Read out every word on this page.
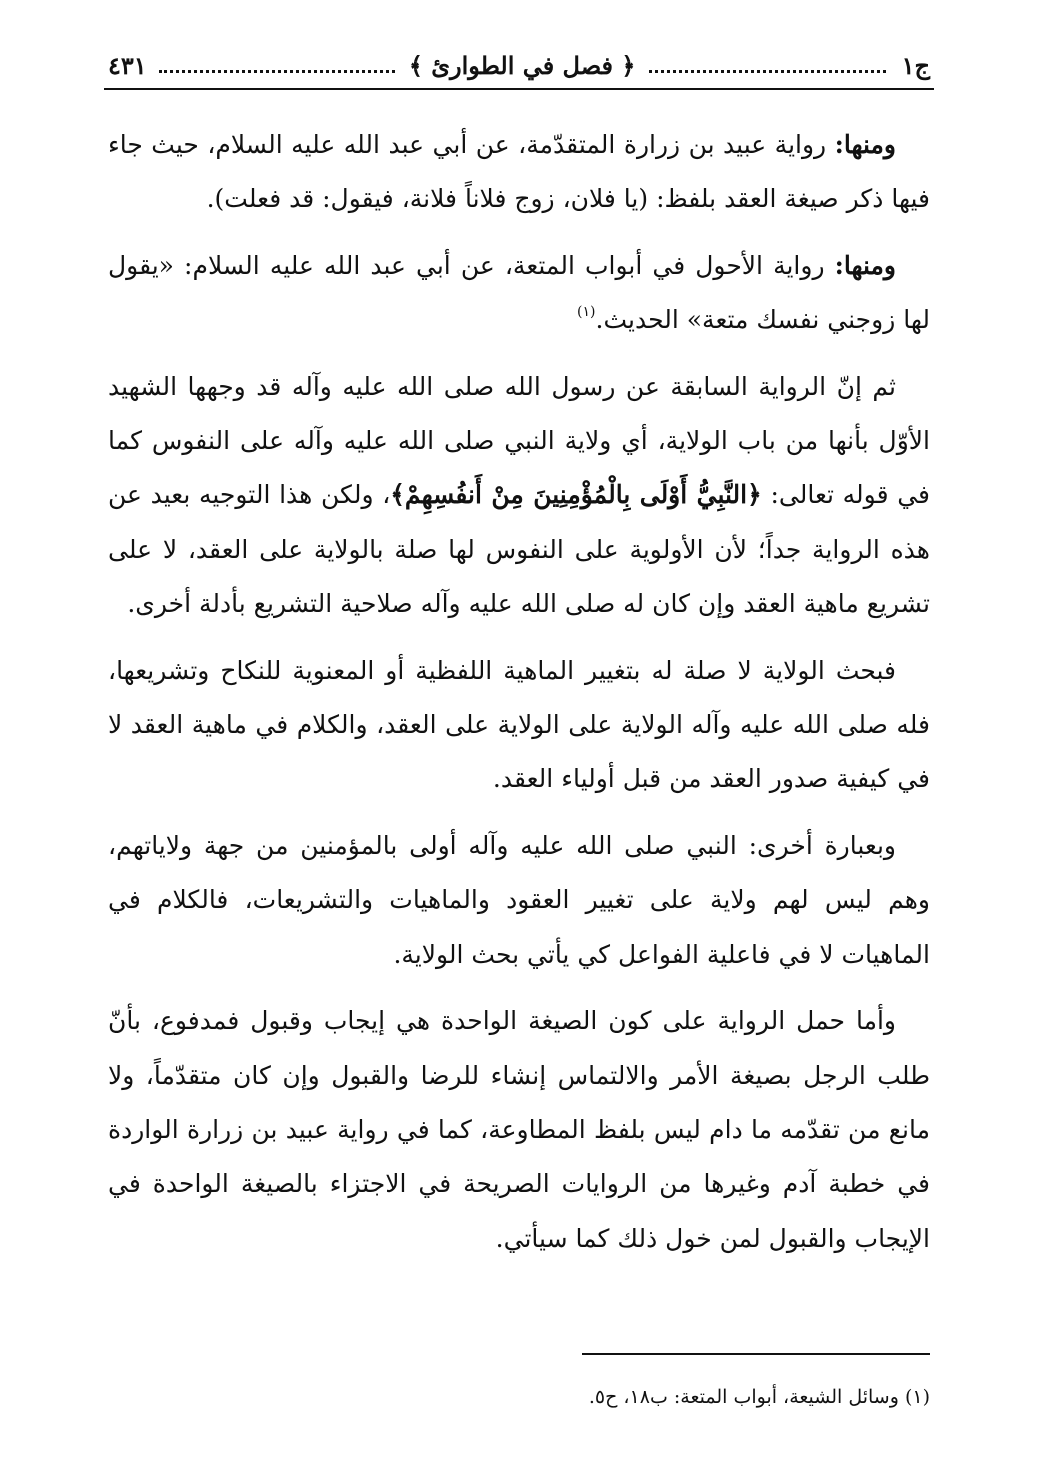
ج١
﴿ فصل في الطوارئ ﴾
٤٣١

ومنها: رواية عبيد بن زرارة المتقدّمة، عن أبي عبد الله عليه السلام، حيث جاء فيها ذكر صيغة العقد بلفظ: (يا فلان، زوج فلاناً فلانة، فيقول: قد فعلت).

ومنها: رواية الأحول في أبواب المتعة، عن أبي عبد الله عليه السلام: «يقول لها زوجني نفسك متعة» الحديث.$^{(١)}$

ثم إنّ الرواية السابقة عن رسول الله صلى الله عليه وآله قد وجهها الشهيد الأوّل بأنها من باب الولاية، أي ولاية النبي صلى الله عليه وآله على النفوس كما في قوله تعالى: ﴿النَّبِيُّ أَوْلَى بِالْمُؤْمِنِينَ مِنْ أَنفُسِهِمْ﴾، ولكن هذا التوجيه بعيد عن هذه الرواية جداً؛ لأن الأولوية على النفوس لها صلة بالولاية على العقد، لا على تشريع ماهية العقد وإن كان له صلى الله عليه وآله صلاحية التشريع بأدلة أخرى.

فبحث الولاية لا صلة له بتغيير الماهية اللفظية أو المعنوية للنكاح وتشريعها، فله صلى الله عليه وآله الولاية على الولاية على العقد، والكلام في ماهية العقد لا في كيفية صدور العقد من قبل أولياء العقد.

وبعبارة أخرى: النبي صلى الله عليه وآله أولى بالمؤمنين من جهة ولاياتهم، وهم ليس لهم ولاية على تغيير العقود والماهيات والتشريعات، فالكلام في الماهيات لا في فاعلية الفواعل كي يأتي بحث الولاية.

وأما حمل الرواية على كون الصيغة الواحدة هي إيجاب وقبول فمدفوع، بأنّ طلب الرجل بصيغة الأمر والالتماس إنشاء للرضا والقبول وإن كان متقدّماً، ولا مانع من تقدّمه ما دام ليس بلفظ المطاوعة، كما في رواية عبيد بن زرارة الواردة في خطبة آدم وغيرها من الروايات الصريحة في الاجتزاء بالصيغة الواحدة في الإيجاب والقبول لمن خول ذلك كما سيأتي.

(١) وسائل الشيعة، أبواب المتعة: ب١٨، ح٥.
